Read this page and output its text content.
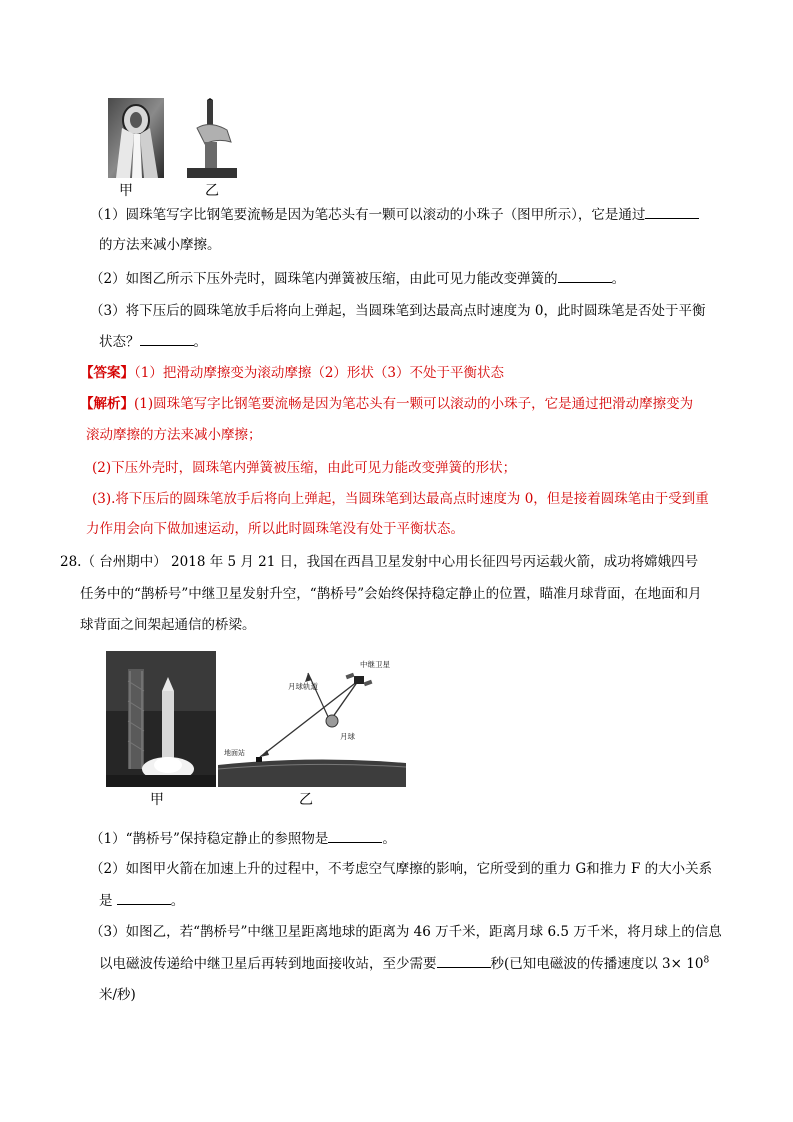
甲	乙
（1）圆珠笔写字比钢笔要流畅是因为笔芯头有一颗可以滚动的小珠子（图甲所示），它是通过
的方法来减小摩擦。
（2）如图乙所示下压外壳时，圆珠笔内弹簧被压缩，由此可见力能改变弹簧的	。
（3）将下压后的圆珠笔放手后将向上弹起，当圆珠笔到达最高点时速度为 0，此时圆珠笔是否处于平衡
状态？	。
【答案】（1）把滑动摩擦变为滚动摩擦（2）形状（3）不处于平衡状态
【解析】(1)圆珠笔写字比钢笔要流畅是因为笔芯头有一颗可以滚动的小珠子，它是通过把滑动摩擦变为
滚动摩擦的方法来减小摩擦；
(2)下压外壳时，圆珠笔内弹簧被压缩，由此可见力能改变弹簧的形状；
(3).将下压后的圆珠笔放手后将向上弹起，当圆珠笔到达最高点时速度为 0，但是接着圆珠笔由于受到重
力作用会向下做加速运动，所以此时圆珠笔没有处于平衡状态。
28.（ 台州期中） 2018 年 5 月 21 日，我国在西昌卫星发射中心用长征四号丙运载火箭，成功将嫦娥四号
任务中的“鹊桥号”中继卫星发射升空，“鹊桥号”会始终保持稳定静止的位置，瞄准月球背面，在地面和月
球背面之间架起通信的桥梁。
中继卫星
月球轨道
月球
地面站
甲	乙
（1）“鹊桥号”保持稳定静止的参照物是	。
（2）如图甲火箭在加速上升的过程中，不考虑空气摩擦的影响，它所受到的重力 G和推力 F 的大小关系
是	。
（3）如图乙，若“鹊桥号”中继卫星距离地球的距离为 46 万千米，距离月球 6.5 万千米，将月球上的信息
以电磁波传递给中继卫星后再转到地面接收站，至少需要	秒(已知电磁波的传播速度以 $3\times 10^8$
米/秒)
